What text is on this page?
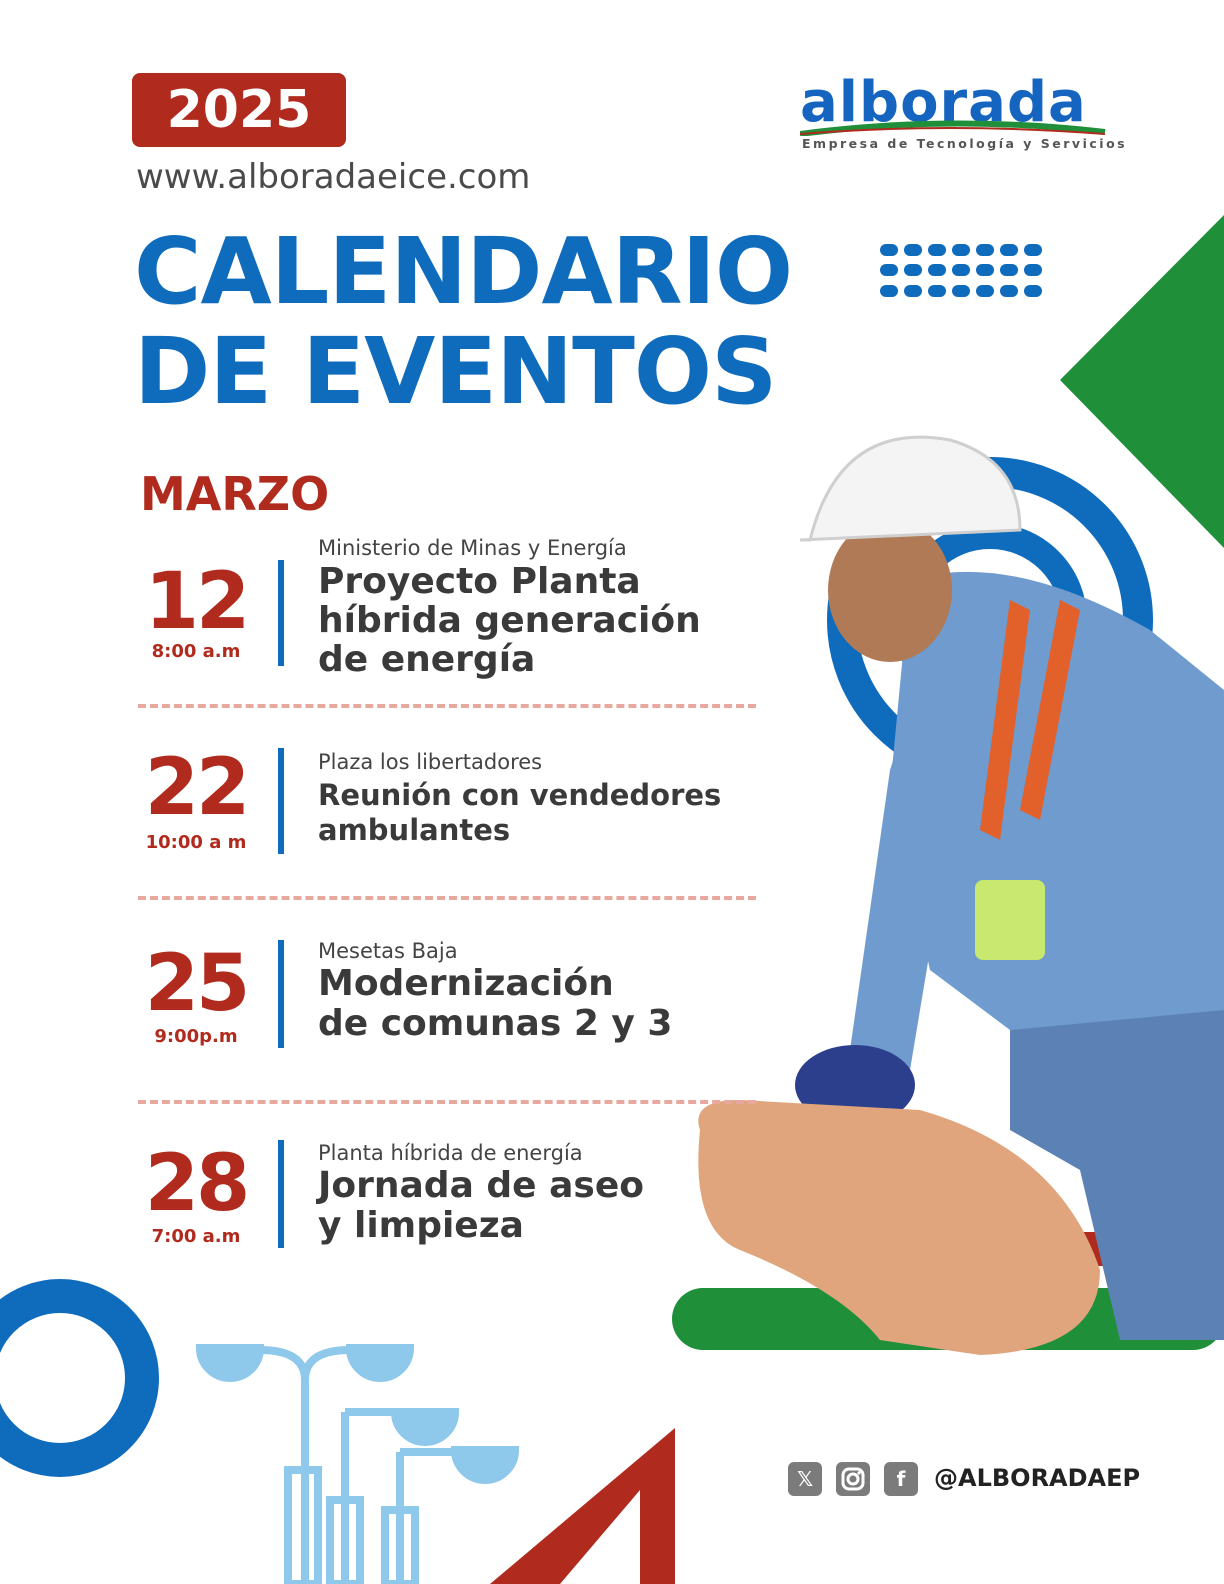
2025
www.alboradaeice.com
alborada
Empresa de Tecnología y Servicios
CALENDARIO
DE EVENTOS
MARZO
12
8:00 a.m
Ministerio de Minas y Energía
Proyecto Planta
híbrida generación
de energía
22
10:00 a m
Plaza los libertadores
Reunión con vendedores
ambulantes
25
9:00p.m
Mesetas Baja
Modernización
de comunas 2 y 3
28
7:00 a.m
Planta híbrida de energía
Jornada de aseo
y limpieza
𝕏	f	@ALBORADAEP
